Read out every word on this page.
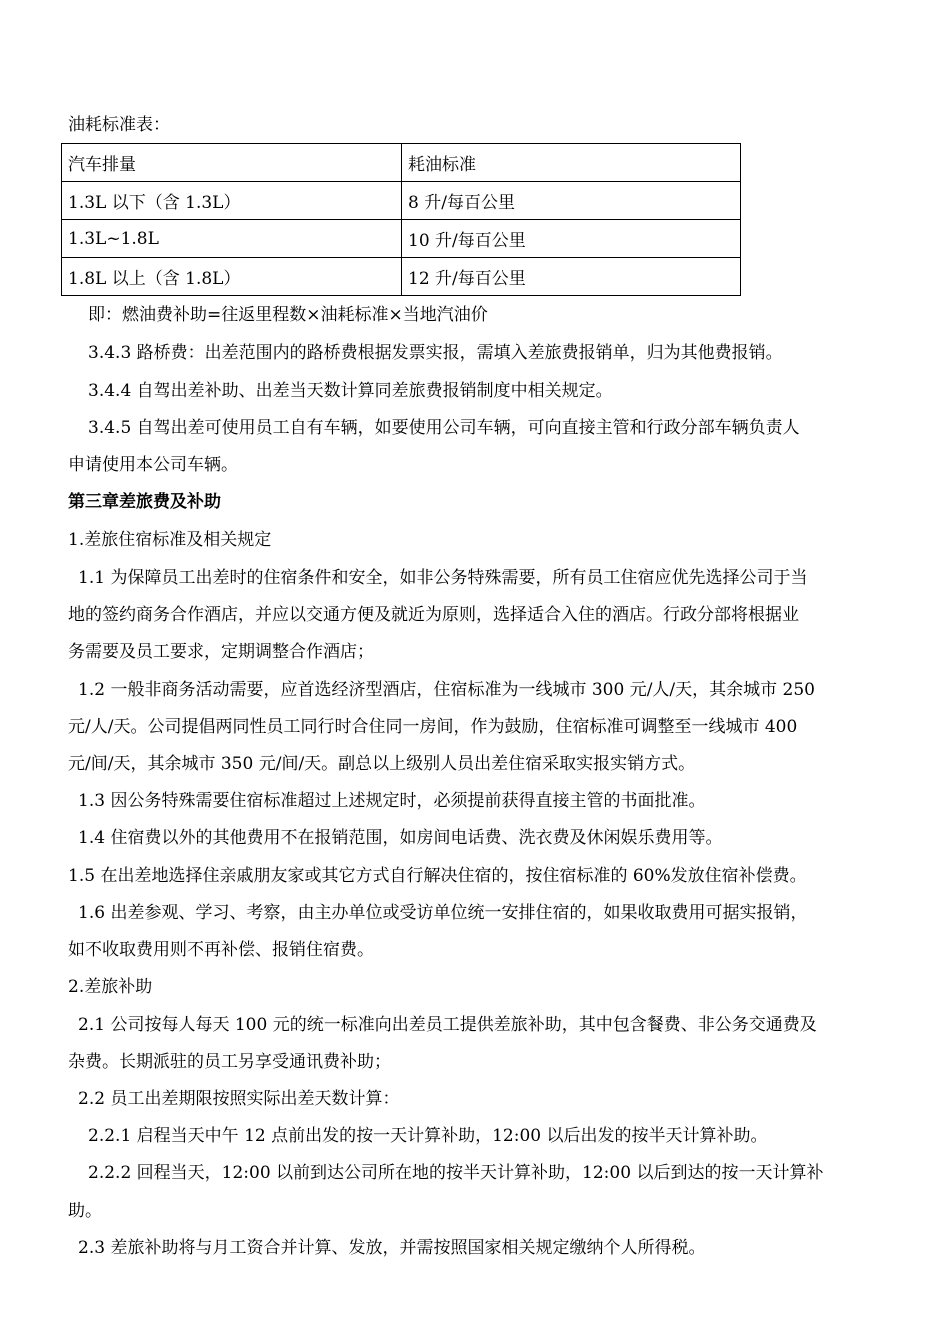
油耗标准表：
汽车排量	耗油标准
1.3L 以下（含 1.3L）	8 升/每百公里
1.3L~1.8L	10 升/每百公里
1.8L 以上（含 1.8L）	12 升/每百公里
即：燃油费补助=往返里程数×油耗标准×当地汽油价
3.4.3 路桥费：出差范围内的路桥费根据发票实报，需填入差旅费报销单，归为其他费报销。
3.4.4 自驾出差补助、出差当天数计算同差旅费报销制度中相关规定。
3.4.5 自驾出差可使用员工自有车辆，如要使用公司车辆，可向直接主管和行政分部车辆负责人
申请使用本公司车辆。
第三章差旅费及补助
1.差旅住宿标准及相关规定
1.1 为保障员工出差时的住宿条件和安全，如非公务特殊需要，所有员工住宿应优先选择公司于当
地的签约商务合作酒店，并应以交通方便及就近为原则，选择适合入住的酒店。行政分部将根据业
务需要及员工要求，定期调整合作酒店；
1.2 一般非商务活动需要，应首选经济型酒店，住宿标准为一线城市 300 元/人/天，其余城市 250
元/人/天。公司提倡两同性员工同行时合住同一房间，作为鼓励，住宿标准可调整至一线城市 400
元/间/天，其余城市 350 元/间/天。副总以上级别人员出差住宿采取实报实销方式。
1.3 因公务特殊需要住宿标准超过上述规定时，必须提前获得直接主管的书面批准。
1.4 住宿费以外的其他费用不在报销范围，如房间电话费、洗衣费及休闲娱乐费用等。
1.5 在出差地选择住亲戚朋友家或其它方式自行解决住宿的，按住宿标准的 60%发放住宿补偿费。
1.6 出差参观、学习、考察，由主办单位或受访单位统一安排住宿的，如果收取费用可据实报销，
如不收取费用则不再补偿、报销住宿费。
2.差旅补助
2.1 公司按每人每天 100 元的统一标准向出差员工提供差旅补助，其中包含餐费、非公务交通费及
杂费。长期派驻的员工另享受通讯费补助；
2.2 员工出差期限按照实际出差天数计算：
2.2.1 启程当天中午 12 点前出发的按一天计算补助，12:00 以后出发的按半天计算补助。
2.2.2 回程当天，12:00 以前到达公司所在地的按半天计算补助，12:00 以后到达的按一天计算补
助。
2.3 差旅补助将与月工资合并计算、发放，并需按照国家相关规定缴纳个人所得税。
